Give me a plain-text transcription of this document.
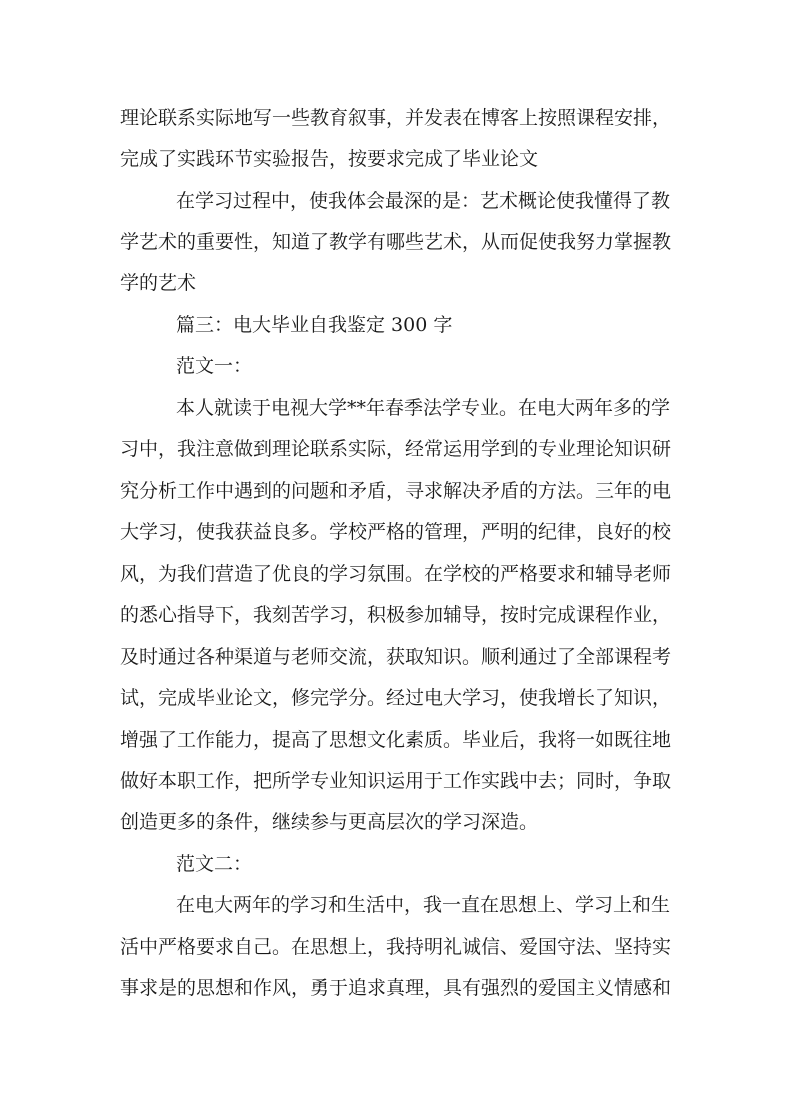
理论联系实际地写一些教育叙事，并发表在博客上按照课程安排，
完成了实践环节实验报告，按要求完成了毕业论文
在学习过程中，使我体会最深的是：艺术概论使我懂得了教
学艺术的重要性，知道了教学有哪些艺术，从而促使我努力掌握教
学的艺术
篇三：电大毕业自我鉴定 300 字
范文一：
本人就读于电视大学**年春季法学专业。在电大两年多的学
习中，我注意做到理论联系实际，经常运用学到的专业理论知识研
究分析工作中遇到的问题和矛盾，寻求解决矛盾的方法。三年的电
大学习，使我获益良多。学校严格的管理，严明的纪律，良好的校
风，为我们营造了优良的学习氛围。在学校的严格要求和辅导老师
的悉心指导下，我刻苦学习，积极参加辅导，按时完成课程作业，
及时通过各种渠道与老师交流，获取知识。顺利通过了全部课程考
试，完成毕业论文，修完学分。经过电大学习，使我增长了知识，
增强了工作能力，提高了思想文化素质。毕业后，我将一如既往地
做好本职工作，把所学专业知识运用于工作实践中去；同时，争取
创造更多的条件，继续参与更高层次的学习深造。
范文二：
在电大两年的学习和生活中，我一直在思想上、学习上和生
活中严格要求自己。在思想上，我持明礼诚信、爱国守法、坚持实
事求是的思想和作风，勇于追求真理，具有强烈的爱国主义情感和
